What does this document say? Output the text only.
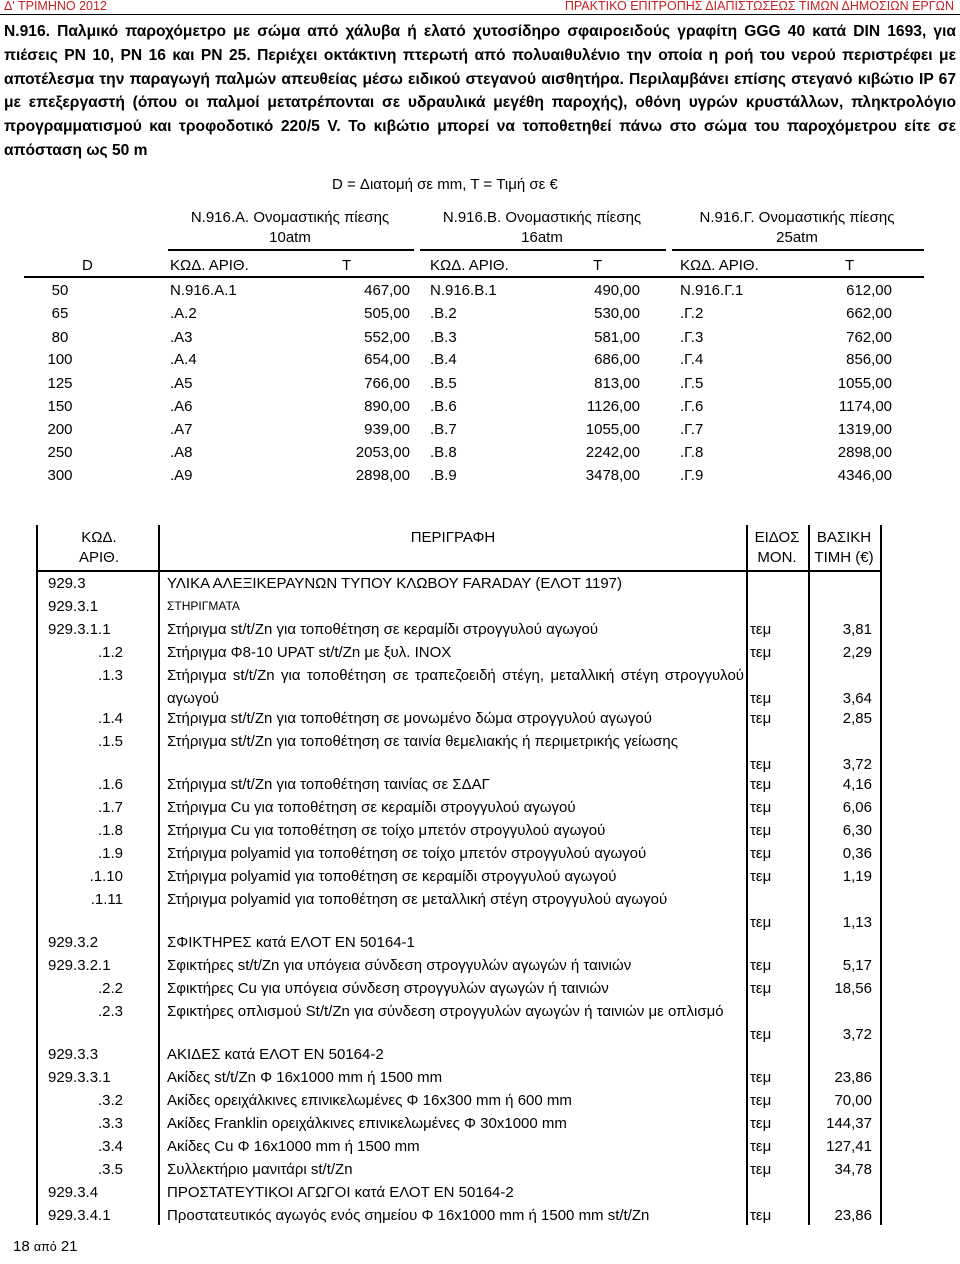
Δ' ΤΡΙΜΗΝΟ 2012	ΠΡΑΚΤΙΚΟ ΕΠΙΤΡΟΠΗΣ ΔΙΑΠΙΣΤΩΣΕΩΣ ΤΙΜΩΝ ΔΗΜΟΣΙΩΝ ΕΡΓΩΝ

Ν.916. Παλμικό παροχόμετρο με σώμα από χάλυβα ή ελατό χυτοσίδηρο σφαιροειδούς γραφίτη GGG 40 κατά DIN 1693, για πιέσεις PN 10, PN 16 και PN 25. Περιέχει οκτάκτινη πτερωτή από πολυαιθυλένιο την οποία η ροή του νερού περιστρέφει με αποτέλεσμα την παραγωγή παλμών απευθείας μέσω ειδικού στεγανού αισθητήρα. Περιλαμβάνει επίσης στεγανό κιβώτιο IP 67 με επεξεργαστή (όπου οι παλμοί μετατρέπονται σε υδραυλικά μεγέθη παροχής), οθόνη υγρών κρυστάλλων, πληκτρολόγιο προγραμματισμού και τροφοδοτικό 220/5 V. Το κιβώτιο μπορεί να τοποθετηθεί πάνω στο σώμα του παροχόμετρου είτε σε απόσταση ως 50 m

D = Διατομή σε mm, T = Τιμή σε €
Ν.916.Α. Ονομαστικής πίεσης
10atm
Ν.916.Β. Ονομαστικής πίεσης
16atm
Ν.916.Γ. Ονομαστικής πίεσης
25atm
D	ΚΩΔ. ΑΡΙΘ.	T	ΚΩΔ. ΑΡΙΘ.	T	ΚΩΔ. ΑΡΙΘ.	T
50	Ν.916.Α.1	467,00 Ν.916.Β.1	490,00	Ν.916.Γ.1	612,00
65	.Α.2	505,00 .Β.2	530,00	.Γ.2	662,00
80	.Α3	552,00 .Β.3	581,00	.Γ.3	762,00
100	.Α.4	654,00 .Β.4	686,00	.Γ.4	856,00
125	.Α5	766,00 .Β.5	813,00	.Γ.5	1055,00
150	.Α6	890,00 .Β.6	1126,00	.Γ.6	1174,00
200	.Α7	939,00 .Β.7	1055,00	.Γ.7	1319,00
250	.Α8	2053,00 .Β.8	2242,00	.Γ.8	2898,00
300	.Α9	2898,00 .Β.9	3478,00	.Γ.9	4346,00
ΚΩΔ.
ΑΡΙΘ.
ΠΕΡΙΓΡΑΦΗ	ΕΙΔΟΣ
ΜΟΝ.
ΒΑΣΙΚΗ
ΤΙΜΗ (€)
929.3	ΥΛΙΚΑ ΑΛΕΞΙΚΕΡΑΥΝΩΝ ΤΥΠΟΥ ΚΛΩΒΟΥ FARADAY (ΕΛΟΤ 1197)
929.3.1	ΣΤΗΡΙΓΜΑΤΑ
929.3.1.1	Στήριγμα st/t/Zn για τοποθέτηση σε κεραμίδι στρογγυλού αγωγού	τεμ	3,81
.1.2	Στήριγμα Φ8-10 UPAT st/t/Zn με ξυλ. INOX	τεμ	2,29
.1.3	Στήριγμα st/t/Zn για τοποθέτηση σε τραπεζοειδή στέγη, μεταλλική στέγη στρογγυλού αγωγού	τεμ	3,64
.1.4	Στήριγμα st/t/Zn για τοποθέτηση σε μονωμένο δώμα στρογγυλού αγωγού	τεμ	2,85
.1.5	Στήριγμα st/t/Zn για τοποθέτηση σε ταινία θεμελιακής ή περιμετρικής γείωσης
τεμ	3,72
.1.6	Στήριγμα st/t/Zn για τοποθέτηση ταινίας σε ΣΔΑΓ	τεμ	4,16
.1.7	Στήριγμα Cu για τοποθέτηση σε κεραμίδι στρογγυλού αγωγού	τεμ	6,06
.1.8	Στήριγμα Cu για τοποθέτηση σε τοίχο μπετόν στρογγυλού αγωγού	τεμ	6,30
.1.9	Στήριγμα polyamid για τοποθέτηση σε τοίχο μπετόν στρογγυλού αγωγού	τεμ	0,36
.1.10	Στήριγμα polyamid για τοποθέτηση σε κεραμίδι στρογγυλού αγωγού	τεμ	1,19
.1.11	Στήριγμα polyamid για τοποθέτηση σε μεταλλική στέγη στρογγυλού αγωγού
τεμ	1,13
929.3.2	ΣΦΙΚΤΗΡΕΣ κατά ΕΛΟΤ ΕΝ 50164-1
929.3.2.1	Σφικτήρες st/t/Zn για υπόγεια σύνδεση στρογγυλών αγωγών ή ταινιών	τεμ	5,17
.2.2	Σφικτήρες Cu για υπόγεια σύνδεση στρογγυλών αγωγών ή ταινιών	τεμ	18,56
.2.3	Σφικτήρες οπλισμού St/t/Zn για σύνδεση στρογγυλών αγωγών ή ταινιών με οπλισμό
τεμ	3,72
929.3.3	ΑΚΙΔΕΣ κατά ΕΛΟΤ ΕΝ 50164-2
929.3.3.1	Ακίδες st/t/Zn Φ 16x1000 mm ή 1500 mm	τεμ	23,86
.3.2	Ακίδες ορειχάλκινες επινικελωμένες Φ 16x300 mm ή 600 mm	τεμ	70,00
.3.3	Ακίδες Franklin ορειχάλκινες επινικελωμένες Φ 30x1000 mm	τεμ	144,37
.3.4	Ακίδες Cu Φ 16x1000 mm ή 1500 mm	τεμ	127,41
.3.5	Συλλεκτήριο μανιτάρι st/t/Zn	τεμ	34,78
929.3.4	ΠΡΟΣΤΑΤΕΥΤΙΚΟΙ ΑΓΩΓΟΙ κατά ΕΛΟΤ ΕΝ 50164-2
929.3.4.1	Προστατευτικός αγωγός ενός σημείου Φ 16x1000 mm ή 1500 mm st/t/Zn	τεμ	23,86
18 από 21
